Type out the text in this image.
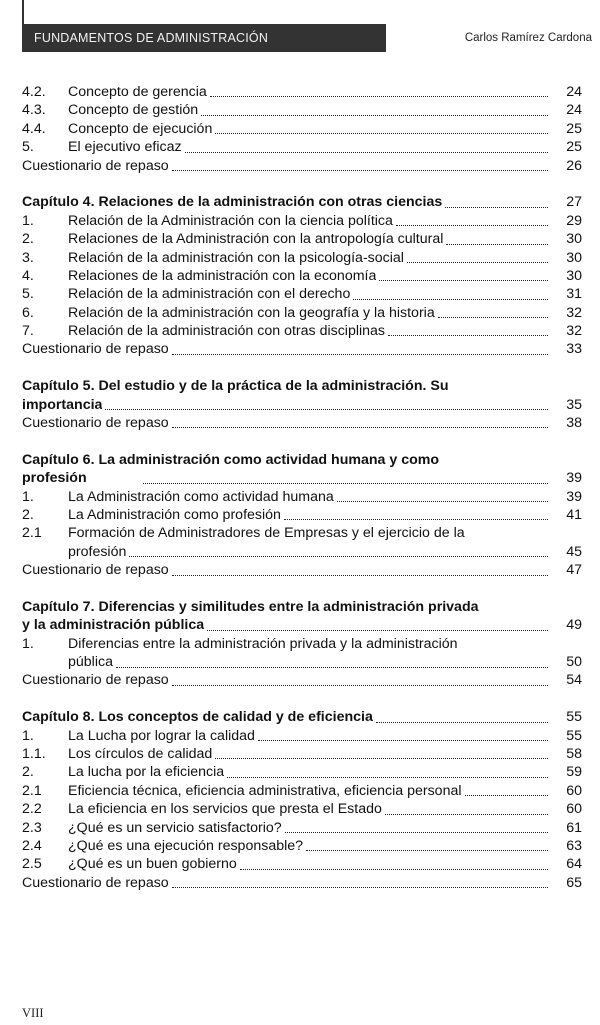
FUNDAMENTOS DE ADMINISTRACIÓN	Carlos Ramírez Cardona
4.2.	Concepto de gerencia	24
4.3.	Concepto de gestión	24
4.4.	Concepto de ejecución	25
5.	El ejecutivo eficaz	25
Cuestionario de repaso	26
Capítulo 4. Relaciones de la administración con otras ciencias	27
1.	Relación de la Administración con la ciencia política	29
2.	Relaciones de la Administración con la antropología cultural	30
3.	Relación de la administración con la psicología-social	30
4.	Relaciones de la administración con la economía	30
5.	Relación de la administración con el derecho	31
6.	Relación de la administración con la geografía y la historia	32
7.	Relación de la administración con otras disciplinas	32
Cuestionario de repaso	33
Capítulo 5. Del estudio y de la práctica de la administración. Su
importancia	35
Cuestionario de repaso	38
Capítulo 6. La administración como actividad humana y como
profesión	39
1.	La Administración como actividad humana	39
2.	La Administración como profesión	41
2.1	Formación de Administradores de Empresas y el ejercicio de la
profesión	45
Cuestionario de repaso	47
Capítulo 7. Diferencias y similitudes entre la administración privada
y la administración pública	49
1.	Diferencias entre la administración privada y la administración
pública	50
Cuestionario de repaso	54
Capítulo 8. Los conceptos de calidad y de eficiencia	55
1.	La Lucha por lograr la calidad	55
1.1.	Los círculos de calidad	58
2.	La lucha por la eficiencia	59
2.1	Eficiencia técnica, eficiencia administrativa, eficiencia personal	60
2.2	La eficiencia en los servicios que presta el Estado	60
2.3	¿Qué es un servicio satisfactorio?	61
2.4	¿Qué es una ejecución responsable?	63
2.5	¿Qué es un buen gobierno	64
Cuestionario de repaso	65
VIII
